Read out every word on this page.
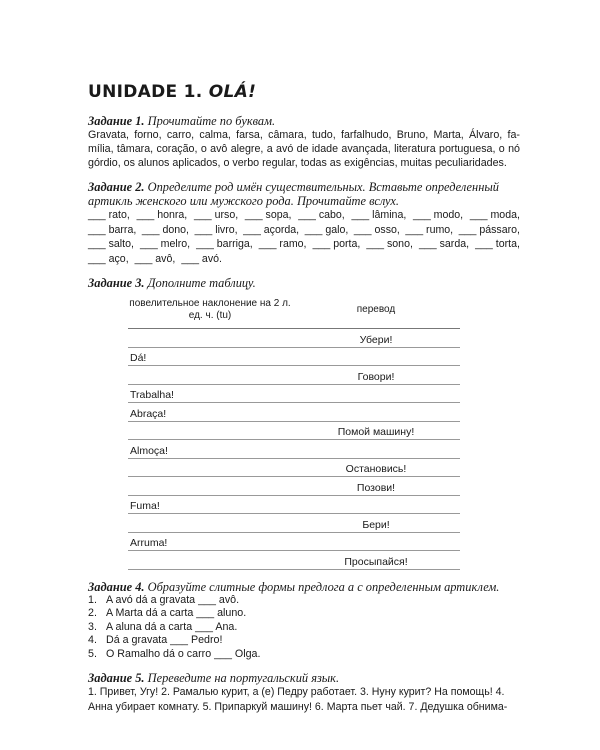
UNIDADE 1. OLÁ!
Задание 1. Прочитайте по буквам.
Gravata, forno, carro, calma, farsa, câmara, tudo, farfalhudo, Bruno, Marta, Álvaro, fa-mília, tâmara, coração, o avô alegre, a avó de idade avançada, literatura portuguesa, o nó górdio, os alunos aplicados, o verbo regular, todas as exigências, muitas peculiaridades.
Задание 2. Определите род имён существительных. Вставьте определенный артикль женского или мужского рода. Прочитайте вслух.
___ rato, ___ honra, ___ urso, ___ sopa, ___ cabo, ___ lâmina, ___ modo, ___ moda,
___ barra, ___ dono, ___ livro, ___ açorda, ___ galo, ___ osso, ___ rumo, ___ pássaro,
___ salto, ___ melro, ___ barriga, ___ ramo, ___ porta, ___ sono, ___ sarda, ___ torta,
___ aço, ___ avô, ___ avó.
Задание 3. Дополните таблицу.
повелительное наклонение на 2 л. ед. ч. (tu)	перевод
	Убери!
Dá!	
	Говори!
Trabalha!	
Abraça!	
	Помой машину!
Almoça!	
	Остановись!
	Позови!
Fuma!	
	Бери!
Arruma!	
	Просыпайся!
Задание 4. Образуйте слитные формы предлога a с определенным артиклем.
1. A avó dá a gravata ___ avô.
2. A Marta dá a carta ___ aluno.
3. A aluna dá a carta ___ Ana.
4. Dá a gravata ___ Pedro!
5. O Ramalho dá o carro ___ Olga.
Задание 5. Переведите на португальский язык.
1. Привет, Угу! 2. Рамалью курит, а (е) Педру работает. 3. Нуну курит? На помощь! 4. Анна убирает комнату. 5. Припаркуй машину! 6. Марта пьет чай. 7. Дедушка обнима-
